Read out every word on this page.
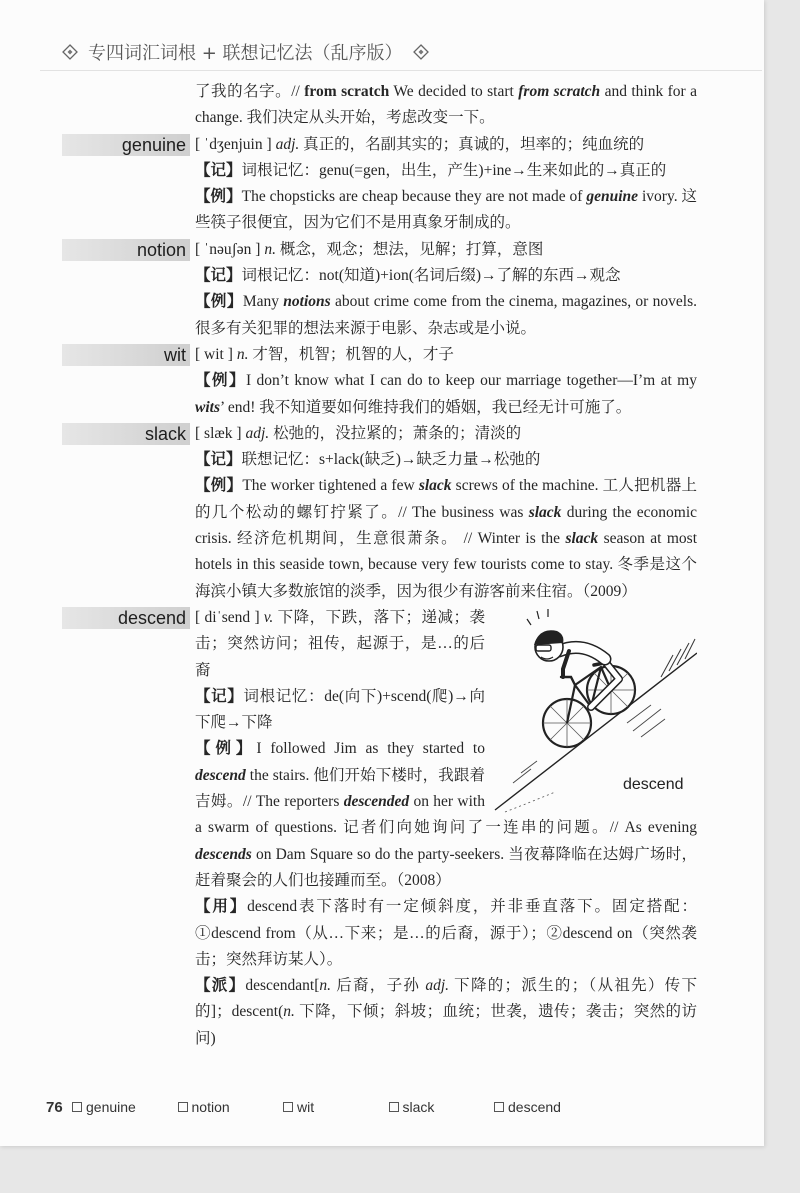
专四词汇词根 + 联想记忆法（乱序版）

了我的名字。// from scratch We decided to start from scratch and think for a change. 我们决定从头开始，考虑改变一下。

genuine [ ˈdʒenjuin ] adj. 真正的，名副其实的；真诚的，坦率的；纯血统的

【记】词根记忆：genu(=gen，出生，产生)+ine→生来如此的→真正的

【例】The chopsticks are cheap because they are not made of genuine ivory. 这些筷子很便宜，因为它们不是用真象牙制成的。

notion [ ˈnəuʃən ] n. 概念，观念；想法，见解；打算，意图

【记】词根记忆：not(知道)+ion(名词后缀)→了解的东西→观念

【例】Many notions about crime come from the cinema, magazines, or novels. 很多有关犯罪的想法来源于电影、杂志或是小说。

wit [ wit ] n. 才智，机智；机智的人，才子

【例】I don’t know what I can do to keep our marriage together—I’m at my wits’ end! 我不知道要如何维持我们的婚姻，我已经无计可施了。

slack [ slæk ] adj. 松弛的，没拉紧的；萧条的；清淡的

【记】联想记忆：s+lack(缺乏)→缺乏力量→松弛的

【例】The worker tightened a few slack screws of the machine. 工人把机器上的几个松动的螺钉拧紧了。// The business was slack during the economic crisis. 经济危机期间，生意很萧条。 // Winter is the slack season at most hotels in this seaside town, because very few tourists come to stay. 冬季是这个海滨小镇大多数旅馆的淡季，因为很少有游客前来住宿。（2009）

descend
descend

[ diˈsend ] v. 下降，下跌，落下；递减；袭击；突然访问；祖传，起源于，是…的后裔

【记】词根记忆：de(向下)+scend(爬)→向下爬→下降

【例】I followed Jim as they started to descend the stairs. 他们开始下楼时，我跟着吉姆。// The reporters descended on her with a swarm of questions. 记者们向她询问了一连串的问题。// As evening descends on Dam Square so do the party-seekers. 当夜幕降临在达姆广场时，赶着聚会的人们也接踵而至。（2008）

【用】descend表下落时有一定倾斜度，并非垂直落下。固定搭配：①descend from（从…下来；是…的后裔，源于）；②descend on（突然袭击；突然拜访某人）。

【派】descendant[n. 后裔，子孙 adj. 下降的；派生的；（从祖先）传下的]；descent(n. 下降，下倾；斜坡；血统；世袭，遗传；袭击；突然的访问)

76	genuine	notion	wit	slack	descend
